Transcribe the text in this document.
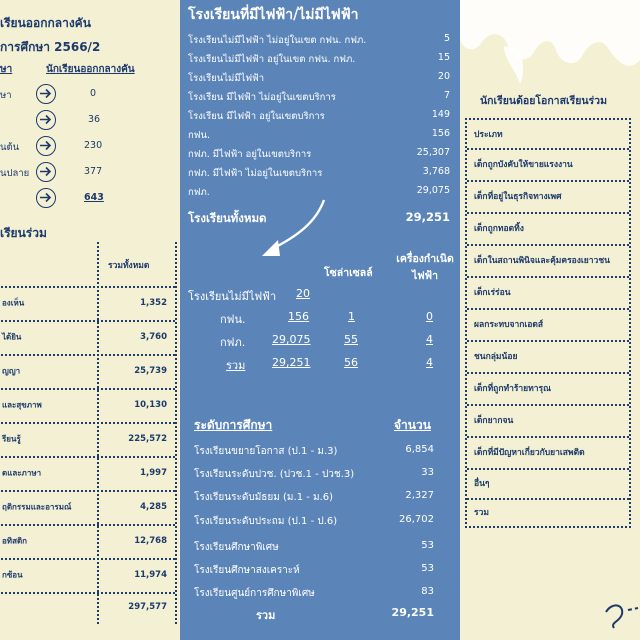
เรียนออกกลางคัน
การศึกษา 2566/2
ษา	นักเรียนออกกลางคัน
ษา	0
36
นต้น	230
นปลาย	377
643
เรียนร่วม
รวมทั้งหมด
องเห็น	1,352
ได้ยิน	3,760
ญญา	25,739
และสุขภาพ	10,130
รียนรู้	225,572
ดและภาษา	1,997
ฤติกรรมและอารมณ์	4,285
อทิสติก	12,768
กซ้อน	11,974
297,577
โรงเรียนที่มีไฟฟ้า/ไม่มีไฟฟ้า
โรงเรียนไม่มีไฟฟ้า ไม่อยู่ในเขต กฟน. กฟภ.	5
โรงเรียนไม่มีไฟฟ้า อยู่ในเขต กฟน. กฟภ.	15
โรงเรียนไม่มีไฟฟ้า	20
โรงเรียน มีไฟฟ้า ไม่อยู่ในเขตบริการ	7
โรงเรียน มีไฟฟ้า อยู่ในเขตบริการ	149
กฟน.	156
กฟภ. มีไฟฟ้า อยู่ในเขตบริการ	25,307
กฟภ. มีไฟฟ้า ไม่อยู่ในเขตบริการ	3,768
กฟภ.	29,075
โรงเรียนทั้งหมด	29,251
โซล่าเซลล์
เครื่องกำเนิด
ไฟฟ้า
โรงเรียนไม่มีไฟฟ้า 20
กฟน.	156	1	0
กฟภ. 29,075	55	4
รวม 29,251	56	4
ระดับการศึกษา	จำนวน
โรงเรียนขยายโอกาส (ป.1 - ม.3)	6,854
โรงเรียนระดับปวช. (ปวช.1 - ปวช.3)	33
โรงเรียนระดับมัธยม (ม.1 - ม.6)	2,327
โรงเรียนระดับประถม (ป.1 - ป.6)	26,702
โรงเรียนศึกษาพิเศษ	53
โรงเรียนศึกษาสงเคราะห์	53
โรงเรียนศูนย์การศึกษาพิเศษ	83
รวม	29,251
นักเรียนด้อยโอกาสเรียนร่วม
ประเภท
เด็กถูกบังคับให้ขายแรงงาน
เด็กที่อยู่ในธุรกิจทางเพศ
เด็กถูกทอดทิ้ง
เด็กในสถานพินิจและคุ้มครองเยาวชน
เด็กเร่ร่อน
ผลกระทบจากเอดส์
ชนกลุ่มน้อย
เด็กที่ถูกทำร้ายทารุณ
เด็กยากจน
เด็กที่มีปัญหาเกี่ยวกับยาเสพติด
อื่นๆ
รวม
